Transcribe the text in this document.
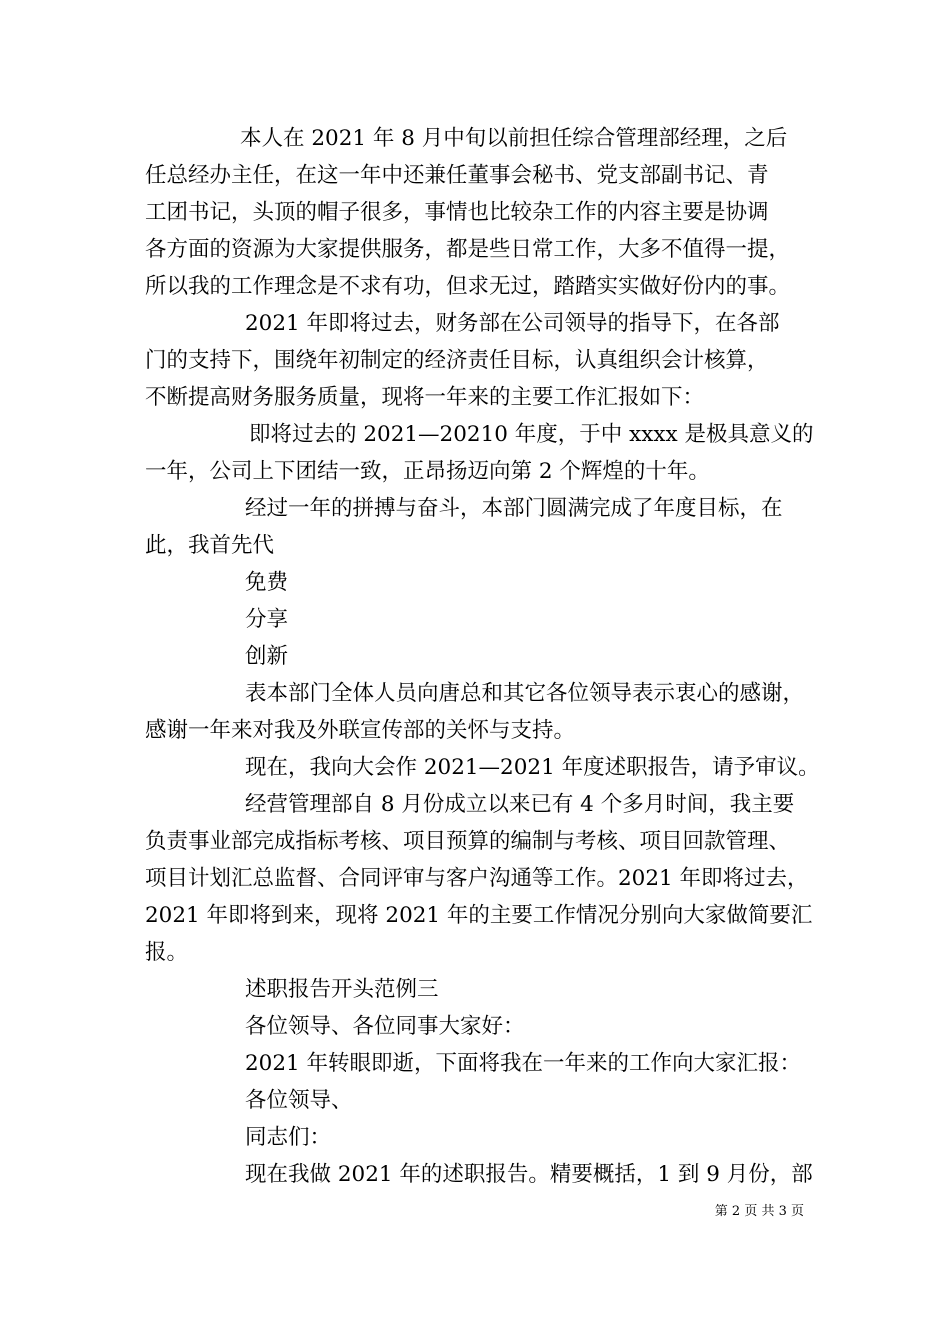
本人在 2021 年 8 月中旬以前担任综合管理部经理，之后
任总经办主任，在这一年中还兼任董事会秘书、党支部副书记、青
工团书记，头顶的帽子很多，事情也比较杂工作的内容主要是协调
各方面的资源为大家提供服务，都是些日常工作，大多不值得一提，
所以我的工作理念是不求有功，但求无过，踏踏实实做好份内的事。
2021 年即将过去，财务部在公司领导的指导下，在各部
门的支持下，围绕年初制定的经济责任目标，认真组织会计核算，
不断提高财务服务质量，现将一年来的主要工作汇报如下：
即将过去的 2021—20210 年度，于中 xxxx 是极具意义的
一年，公司上下团结一致，正昂扬迈向第 2 个辉煌的十年。
经过一年的拼搏与奋斗，本部门圆满完成了年度目标，在
此，我首先代
免费
分享
创新
表本部门全体人员向唐总和其它各位领导表示衷心的感谢，
感谢一年来对我及外联宣传部的关怀与支持。
现在，我向大会作 2021—2021 年度述职报告，请予审议。
经营管理部自 8 月份成立以来已有 4 个多月时间，我主要
负责事业部完成指标考核、项目预算的编制与考核、项目回款管理、
项目计划汇总监督、合同评审与客户沟通等工作。2021 年即将过去，
2021 年即将到来，现将 2021 年的主要工作情况分别向大家做简要汇
报。
述职报告开头范例三
各位领导、各位同事大家好：
2021 年转眼即逝，下面将我在一年来的工作向大家汇报：
各位领导、
同志们：
现在我做 2021 年的述职报告。精要概括，1 到 9 月份，部
第 2 页 共 3 页
